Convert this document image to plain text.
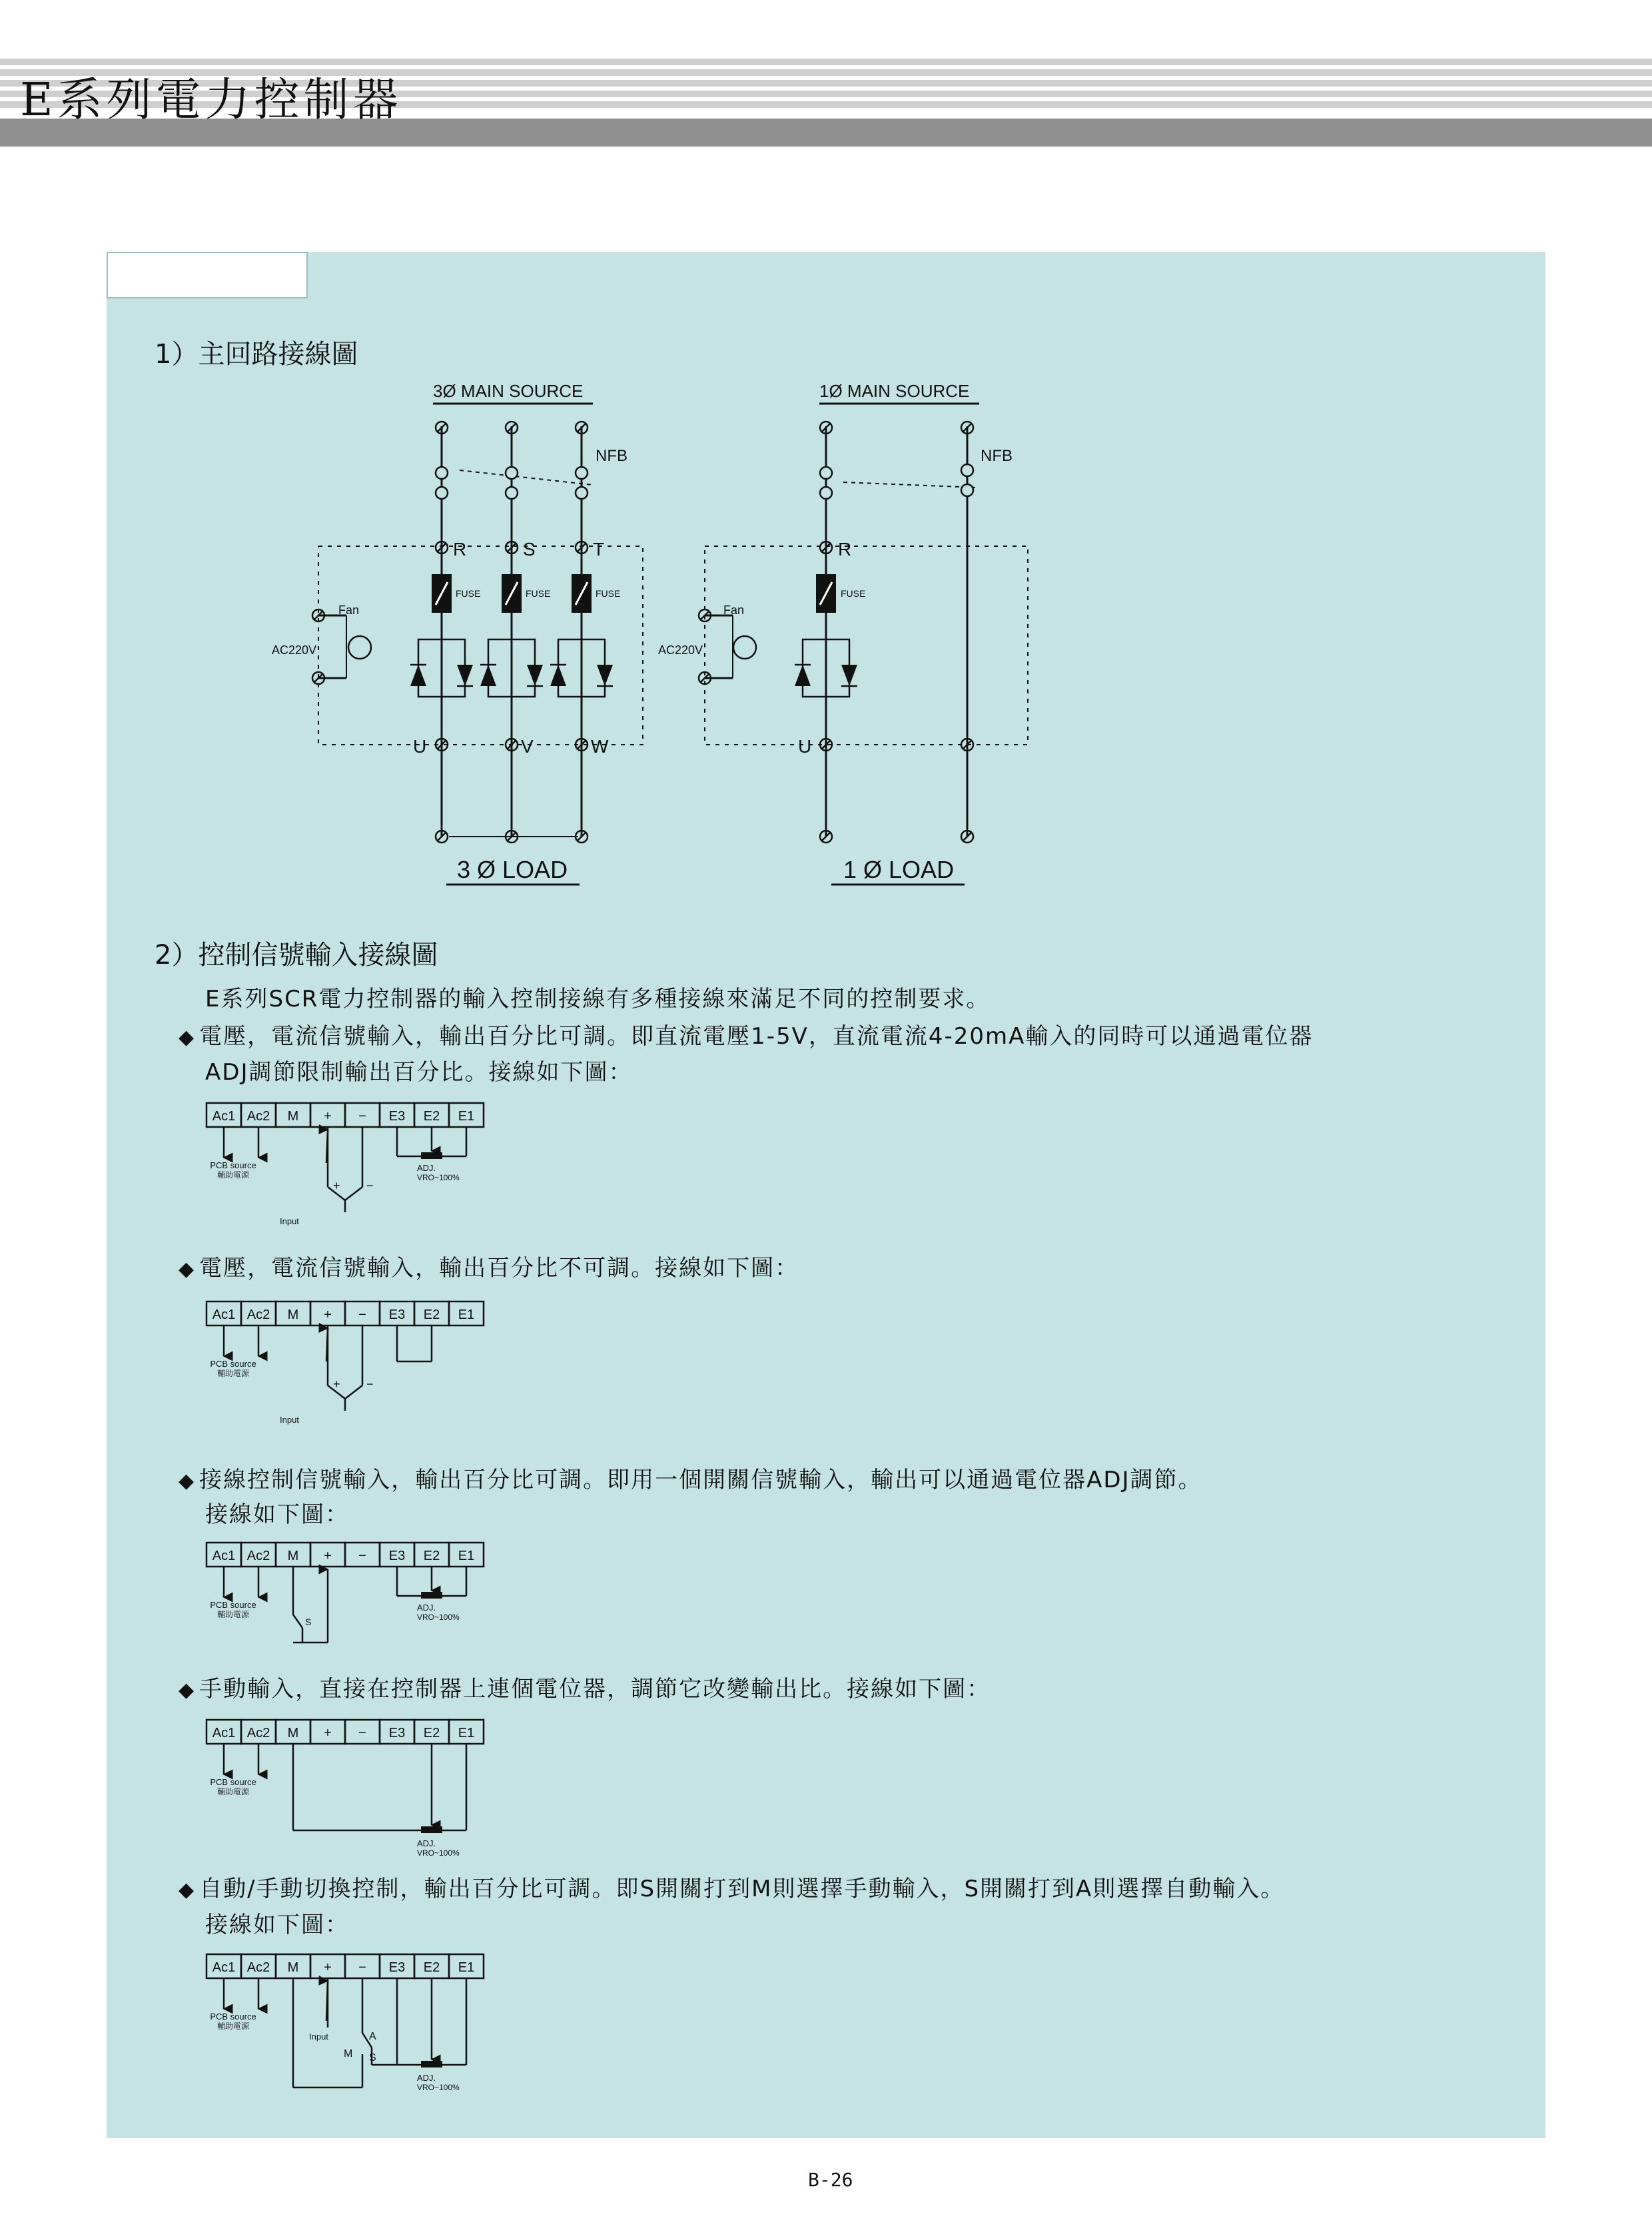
E系列電力控制器
1）主回路接線圖
3Ø MAIN SOURCE
NFB
R	S	T
FUSE	FUSE	FUSE
Fan
AC220V
U	V	W
3 Ø LOAD
1Ø MAIN SOURCE
NFB
R
FUSE
Fan
AC220V
U
1 Ø LOAD
2）控制信號輸入接線圖
E系列SCR電力控制器的輸入控制接線有多種接線來滿足不同的控制要求。
◆ 電壓，電流信號輸入，輸出百分比可調。即直流電壓1-5V，直流電流4-20mA輸入的同時可以通過電位器
ADJ調節限制輸出百分比。接線如下圖：
◆ 電壓，電流信號輸入，輸出百分比不可調。接線如下圖：
◆ 接線控制信號輸入，輸出百分比可調。即用一個開關信號輸入，輸出可以通過電位器ADJ調節。
接線如下圖：
◆ 手動輸入，直接在控制器上連個電位器，調節它改變輸出比。接線如下圖：
◆ 自動/手動切換控制，輸出百分比可調。即S開關打到M則選擇手動輸入，S開關打到A則選擇自動輸入。
接線如下圖：
Ac1 Ac2 M + − E3 E2 E1
PCB source
輔助電源
+ −
Input
ADJ.
VRO~100%
Ac1 Ac2 M + − E3 E2 E1
PCB source
輔助電源
+ −
Input
Ac1 Ac2 M + − E3 E2 E1
PCB source
輔助電源
ADJ.
VRO~100%
S
Ac1 Ac2 M + − E3 E2 E1
PCB source
輔助電源
ADJ.
VRO~100%
Ac1 Ac2 M + − E3 E2 E1
PCB source
輔助電源
Input	A
M S
ADJ.
VRO~100%
B-26
